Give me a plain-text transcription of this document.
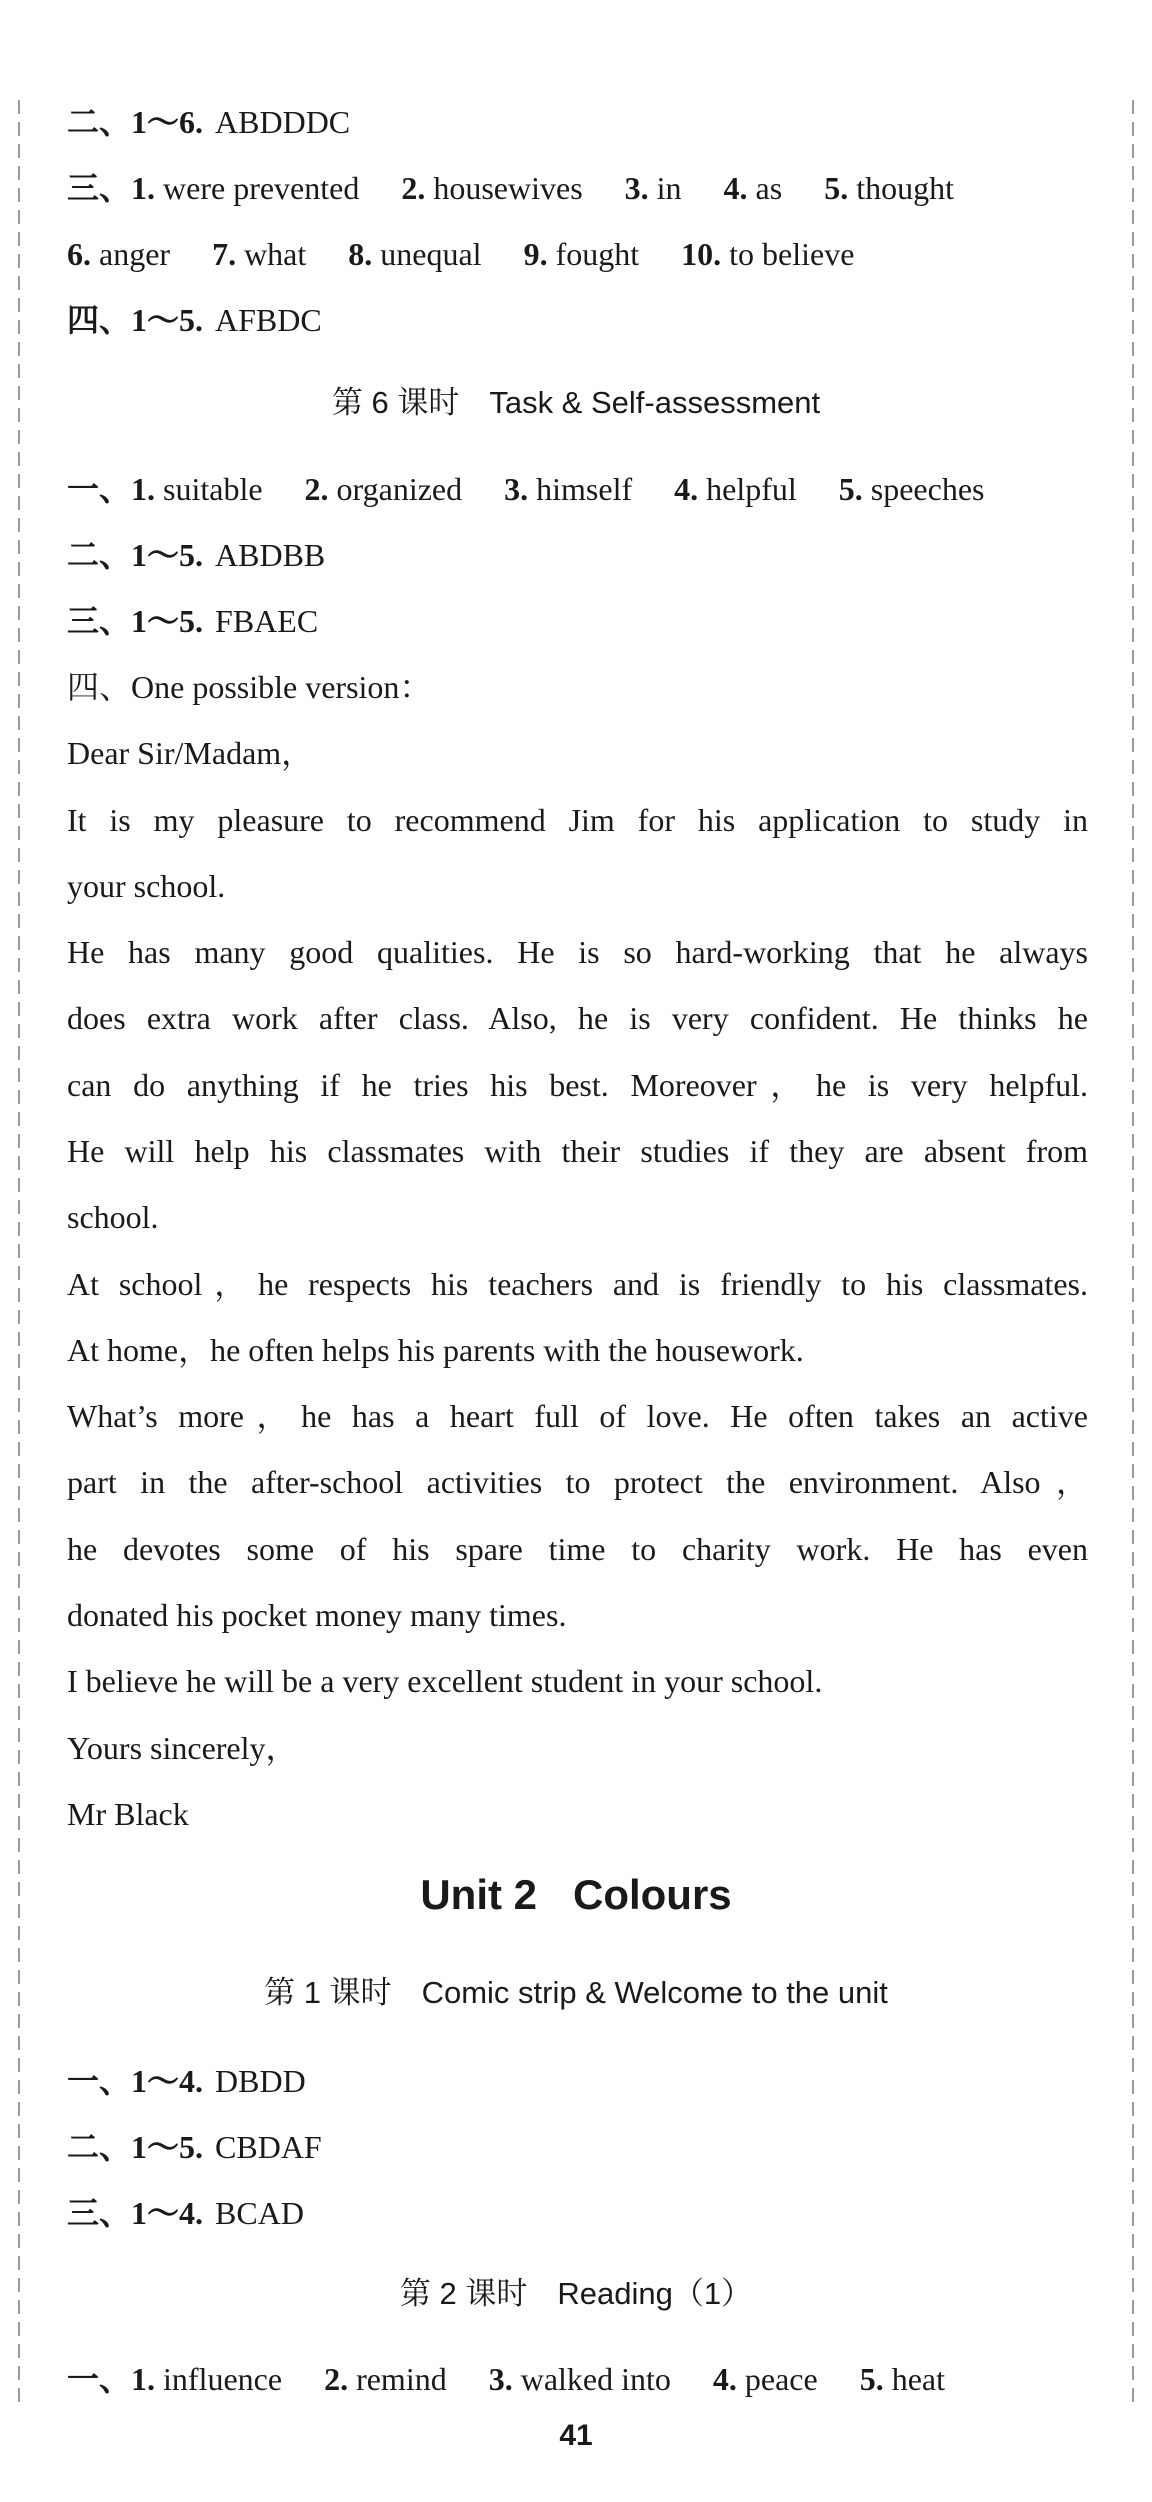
二、1～6. ABDDDC
三、1. were prevented 2. housewives 3. in 4. as 5. thought
6. anger 7. what 8. unequal 9. fought 10. to believe
四、1～5. AFBDC
第 6 课时 Task & Self-assessment
一、1. suitable 2. organized 3. himself 4. helpful 5. speeches
二、1～5. ABDBB
三、1～5. FBAEC
四、One possible version：
Dear Sir/Madam，
It is my pleasure to recommend Jim for his application to study in
your school.
He has many good qualities. He is so hard-working that he always
does extra work after class. Also, he is very confident. He thinks he
can do anything if he tries his best. Moreover，he is very helpful.
He will help his classmates with their studies if they are absent from
school.
At school，he respects his teachers and is friendly to his classmates.
At home，he often helps his parents with the housework.
What’s more，he has a heart full of love. He often takes an active
part in the after-school activities to protect the environment. Also，
he devotes some of his spare time to charity work. He has even
donated his pocket money many times.
I believe he will be a very excellent student in your school.
Yours sincerely，
Mr Black
Unit 2 Colours
第 1 课时 Comic strip & Welcome to the unit
一、1～4. DBDD
二、1～5. CBDAF
三、1～4. BCAD
第 2 课时 Reading（1）
一、1. influence 2. remind 3. walked into 4. peace 5. heat
41
